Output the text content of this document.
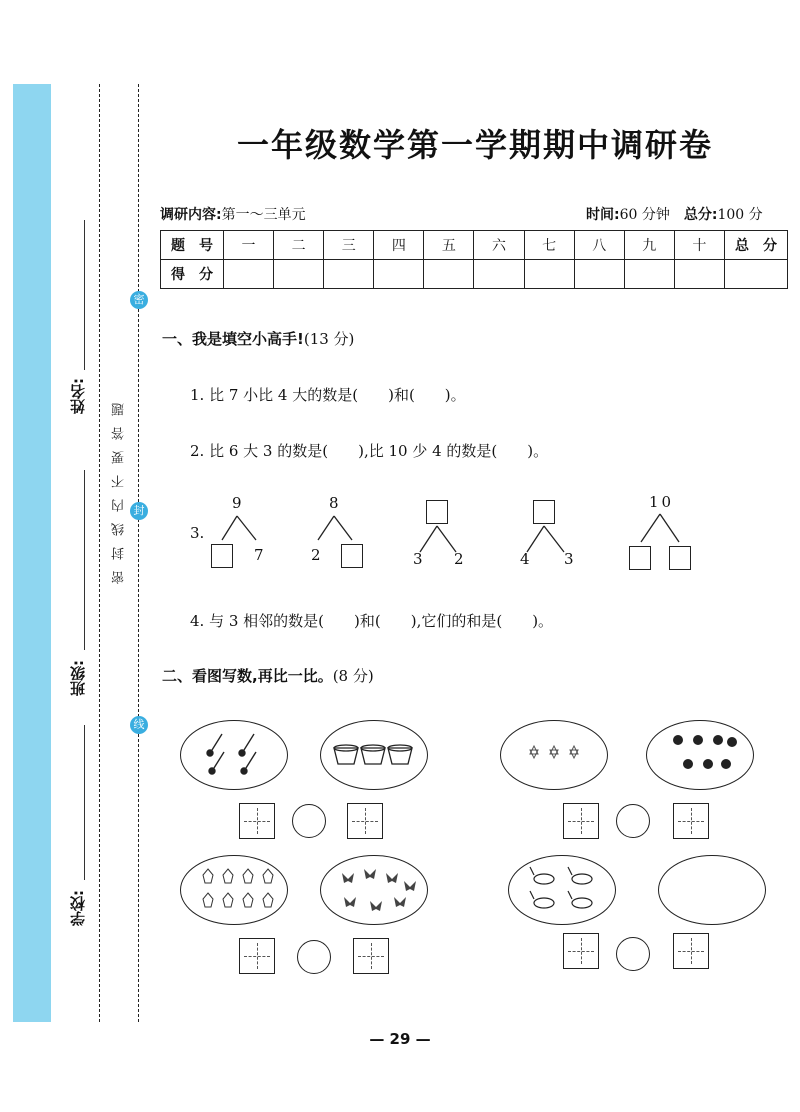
姓名:
班级:
学校:
密
封
线
密封线内不要答题
一年级数学第一学期期中调研卷
调研内容:第一～三单元	时间:60 分钟　 总分:100 分
题　号	一	二	三	四	五	六	七	八	九	十	总　分
得　分											
一、我是填空小高手!(13 分)
1. 比 7 小比 4 大的数是(　　)和(　　)。
2. 比 6 大 3 的数是(　　),比 10 少 4 的数是(　　)。
3.
9
7
8
2	3 2	4 3
10
4. 与 3 相邻的数是(　　)和(　　),它们的和是(　　)。
二、看图写数,再比一比。(8 分)
— 29 —
